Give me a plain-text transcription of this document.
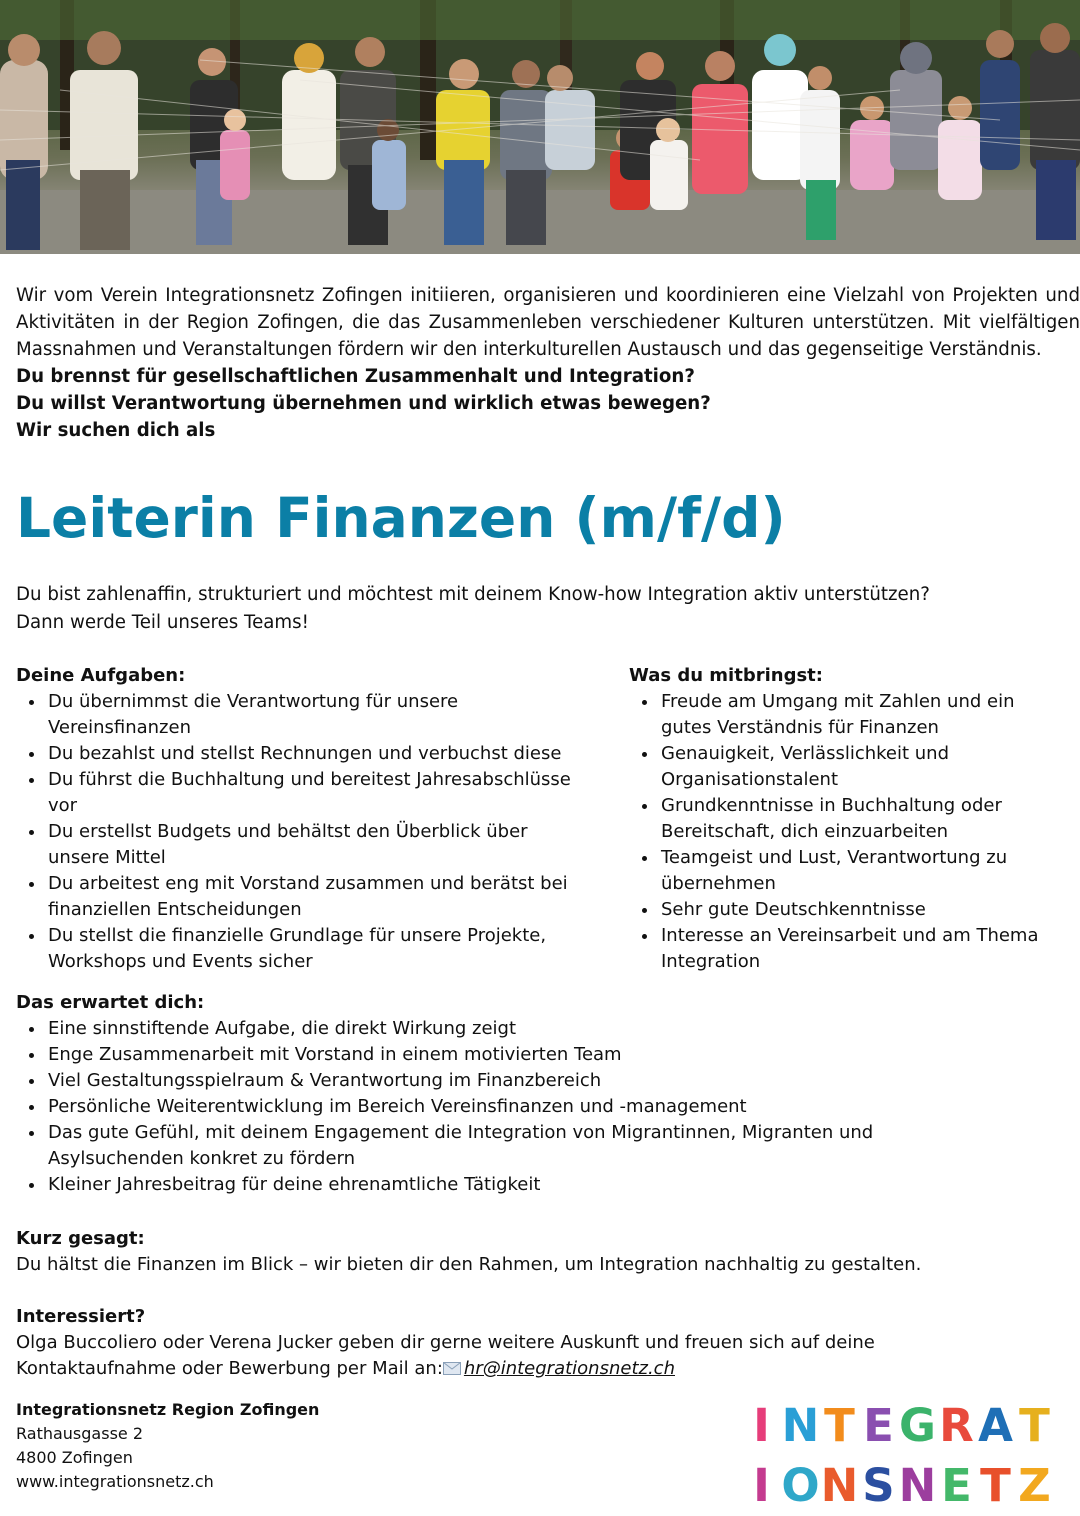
Wir vom Verein Integrationsnetz Zofingen initiieren, organisieren und koordinieren eine Vielzahl von Projekten und Aktivitäten in der Region Zofingen, die das Zusammenleben verschiedener Kulturen unterstützen. Mit vielfältigen Massnahmen und Veranstaltungen fördern wir den interkulturellen Austausch und das gegenseitige Verständnis.

Du brennst für gesellschaftlichen Zusammenhalt und Integration?

Du willst Verantwortung übernehmen und wirklich etwas bewegen?

Wir suchen dich als

Leiterin Finanzen (m/f/d)

Du bist zahlenaffin, strukturiert und möchtest mit deinem Know-how Integration aktiv unterstützen?

Dann werde Teil unseres Teams!

Deine Aufgaben:
Du übernimmst die Verantwortung für unsere Vereinsfinanzen
Du bezahlst und stellst Rechnungen und verbuchst diese
Du führst die Buchhaltung und bereitest Jahresabschlüsse vor
Du erstellst Budgets und behältst den Überblick über unsere Mittel
Du arbeitest eng mit Vorstand zusammen und berätst bei finanziellen Entscheidungen
Du stellst die finanzielle Grundlage für unsere Projekte, Workshops und Events sicher
Was du mitbringst:
Freude am Umgang mit Zahlen und ein gutes Verständnis für Finanzen
Genauigkeit, Verlässlichkeit und Organisationstalent
Grundkenntnisse in Buchhaltung oder Bereitschaft, dich einzuarbeiten
Teamgeist und Lust, Verantwortung zu übernehmen
Sehr gute Deutschkenntnisse
Interesse an Vereinsarbeit und am Thema Integration
Das erwartet dich:
Eine sinnstiftende Aufgabe, die direkt Wirkung zeigt
Enge Zusammenarbeit mit Vorstand in einem motivierten Team
Viel Gestaltungsspielraum & Verantwortung im Finanzbereich
Persönliche Weiterentwicklung im Bereich Vereinsfinanzen und -management
Das gute Gefühl, mit deinem Engagement die Integration von Migrantinnen, Migranten und Asylsuchenden konkret zu fördern
Kleiner Jahresbeitrag für deine ehrenamtliche Tätigkeit
Kurz gesagt:

Du hältst die Finanzen im Blick – wir bieten dir den Rahmen, um Integration nachhaltig zu gestalten.

Interessiert?

Olga Buccoliero oder Verena Jucker geben dir gerne weitere Auskunft und freuen sich auf deine

Kontaktaufnahme oder Bewerbung per Mail an: hr@integrationsnetz.ch

Integrationsnetz Region Zofingen
Rathausgasse 2
4800 Zofingen
www.integrationsnetz.ch
I N T E G R A T
I O N S N E T Z
